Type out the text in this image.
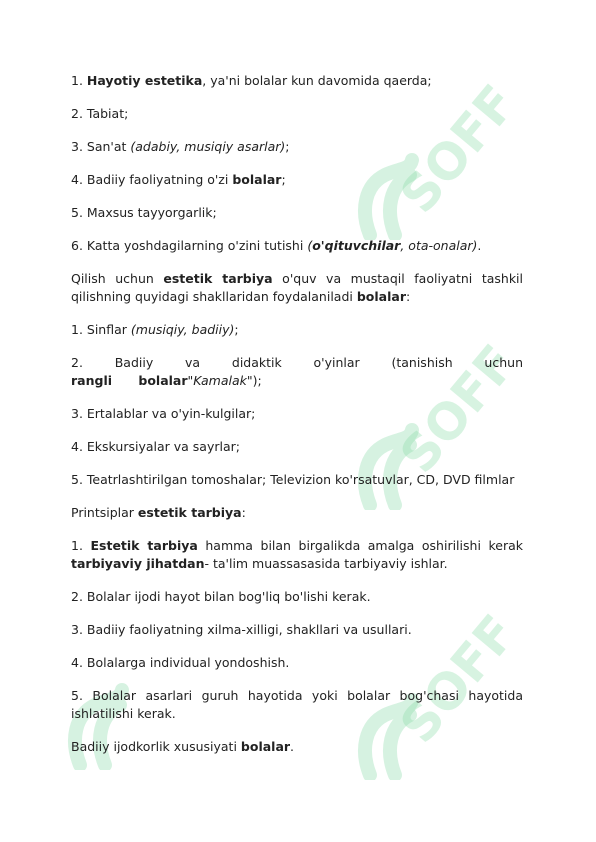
SOFF
SOFF
SOFF

1. Hayotiy estetika, ya'ni bolalar kun davomida qaerda;

2. Tabiat;

3. San'at (adabiy, musiqiy asarlar);

4. Badiiy faoliyatning o'zi bolalar;

5. Maxsus tayyorgarlik;

6. Katta yoshdagilarning o'zini tutishi (o'qituvchilar, ota-onalar).

Qilish uchun estetik tarbiya o'quv va mustaqil faoliyatni tashkil qilishning quyidagi shakllaridan foydalaniladi bolalar:

1. Sinflar (musiqiy, badiiy);

2. Badiiy va didaktik o'yinlar (tanishish uchun rangli bolalar"Kamalak");

3. Ertalablar va o'yin-kulgilar;

4. Ekskursiyalar va sayrlar;

5. Teatrlashtirilgan tomoshalar; Televizion ko'rsatuvlar, CD, DVD filmlar

Printsiplar estetik tarbiya:

1. Estetik tarbiya hamma bilan birgalikda amalga oshirilishi kerak tarbiyaviy jihatdan- ta'lim muassasasida tarbiyaviy ishlar.

2. Bolalar ijodi hayot bilan bog'liq bo'lishi kerak.

3. Badiiy faoliyatning xilma-xilligi, shakllari va usullari.

4. Bolalarga individual yondoshish.

5. Bolalar asarlari guruh hayotida yoki bolalar bog'chasi hayotida ishlatilishi kerak.

Badiiy ijodkorlik xususiyati bolalar.
